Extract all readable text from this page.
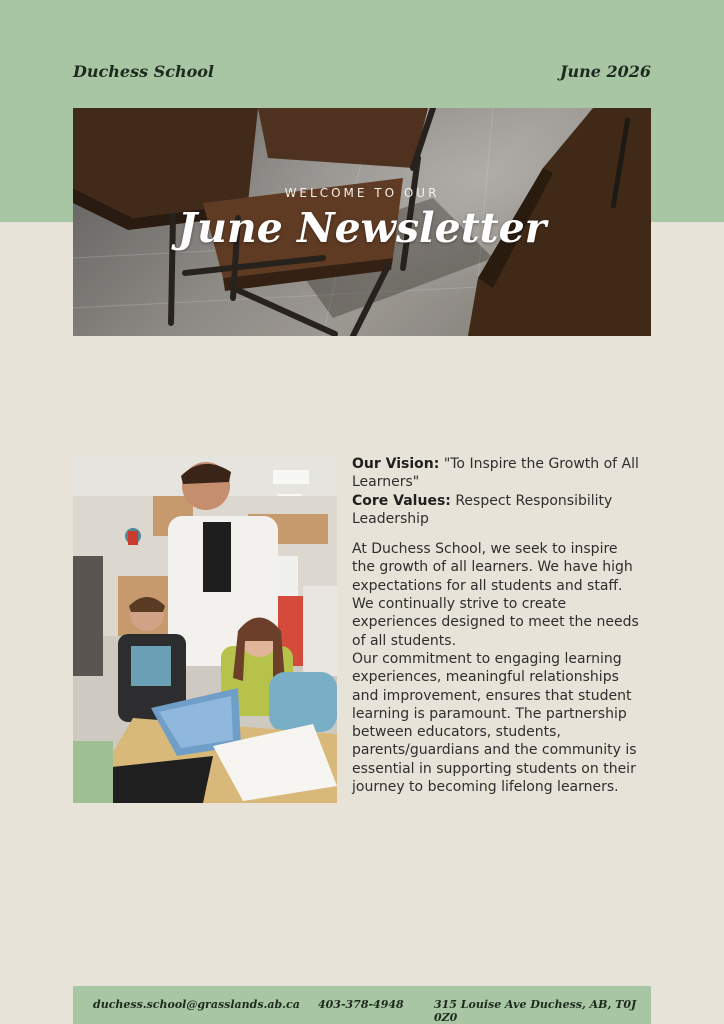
Duchess School	June 2026
WELCOME TO OUR
June Newsletter

Our Vision: "To Inspire the Growth of All Learners"
Core Values: Respect Responsibility Leadership

At Duchess School, we seek to inspire the growth of all learners. We have high expectations for all students and staff. We continually strive to create experiences designed to meet the needs of all students.

Our commitment to engaging learning experiences, meaningful relationships and improvement, ensures that student learning is paramount. The partnership between educators, students, parents/guardians and the community is essential in supporting students on their journey to becoming lifelong learners.

duchess.school@grasslands.ab.ca 403-378-4948	315 Louise Ave Duchess, AB, T0J 0Z0
